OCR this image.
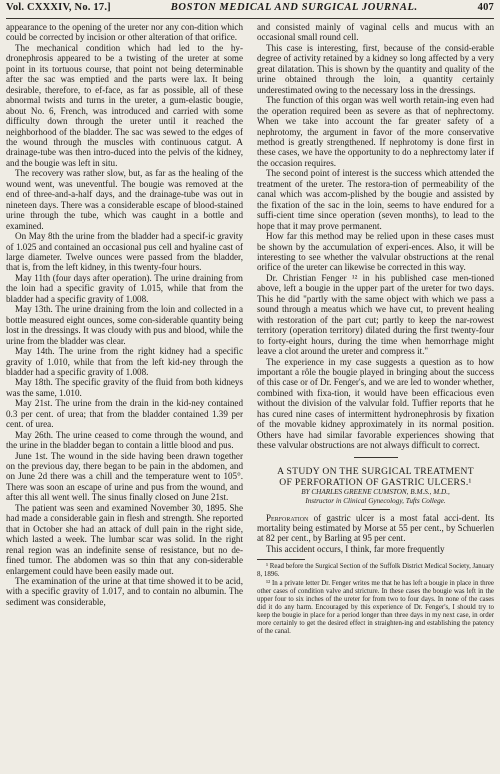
Vol. CXXXIV, No. 17.]	BOSTON MEDICAL AND SURGICAL JOURNAL.	407

appearance to the opening of the ureter nor any con-dition which could be corrected by incision or other alteration of that orifice.

The mechanical condition which had led to the hy-dronephrosis appeared to be a twisting of the ureter at some point in its tortuous course, that point not being determinable after the sac was emptied and the parts were lax. It being desirable, therefore, to ef-face, as far as possible, all of these abnormal twists and turns in the ureter, a gum-elastic bougie, about No. 6, French, was introduced and carried with some difficulty down through the ureter until it reached the neighborhood of the bladder. The sac was sewed to the edges of the wound through the muscles with continuous catgut. A drainage-tube was then intro-duced into the pelvis of the kidney, and the bougie was left in situ.

The recovery was rather slow, but, as far as the healing of the wound went, was uneventful. The bougie was removed at the end of three-and-a-half days, and the drainage-tube was out in nineteen days. There was a considerable escape of blood-stained urine through the tube, which was caught in a bottle and examined.

On May 8th the urine from the bladder had a specif-ic gravity of 1.025 and contained an occasional pus cell and hyaline cast of large diameter. Twelve ounces were passed from the bladder, that is, from the left kidney, in this twenty-four hours.

May 11th (four days after operation). The urine draining from the loin had a specific gravity of 1.015, while that from the bladder had a specific gravity of 1.008.

May 13th. The urine draining from the loin and collected in a bottle measured eight ounces, some con-siderable quantity being lost in the dressings. It was cloudy with pus and blood, while the urine from the bladder was clear.

May 14th. The urine from the right kidney had a specific gravity of 1.010, while that from the left kid-ney through the bladder had a specific gravity of 1.008.

May 18th. The specific gravity of the fluid from both kidneys was the same, 1.010.

May 21st. The urine from the drain in the kid-ney contained 0.3 per cent. of urea; that from the bladder contained 1.39 per cent. of urea.

May 26th. The urine ceased to come through the wound, and the urine in the bladder began to contain a little blood and pus.

June 1st. The wound in the side having been drawn together on the previous day, there began to be pain in the abdomen, and on June 2d there was a chill and the temperature went to 105°. There was soon an escape of urine and pus from the wound, and after this all went well. The sinus finally closed on June 21st.

The patient was seen and examined November 30, 1895. She had made a considerable gain in flesh and strength. She reported that in October she had an attack of dull pain in the right side, which lasted a week. The lumbar scar was solid. In the right renal region was an indefinite sense of resistance, but no de-fined tumor. The abdomen was so thin that any con-siderable enlargement could have been easily made out.

The examination of the urine at that time showed it to be acid, with a specific gravity of 1.017, and to contain no albumin. The sediment was considerable,

and consisted mainly of vaginal cells and mucus with an occasional small round cell.

This case is interesting, first, because of the consid-erable degree of activity retained by a kidney so long affected by a very great dilatation. This is shown by the quantity and quality of the urine obtained through the loin, a quantity certainly underestimated owing to the necessary loss in the dressings.

The function of this organ was well worth retain-ing even had the operation required been as severe as that of nephrectomy. When we take into account the far greater safety of a nephrotomy, the argument in favor of the more conservative method is greatly strengthened. If nephrotomy is done first in these cases, we have the opportunity to do a nephrectomy later if the occasion requires.

The second point of interest is the success which attended the treatment of the ureter. The restora-tion of permeability of the canal which was accom-plished by the bougie and assisted by the fixation of the sac in the loin, seems to have endured for a suffi-cient time since operation (seven months), to lead to the hope that it may prove permanent.

How far this method may be relied upon in these cases must be shown by the accumulation of experi-ences. Also, it will be interesting to see whether the valvular obstructions at the renal orifice of the ureter can likewise be corrected in this way.

Dr. Christian Fenger ¹² in his published case men-tioned above, left a bougie in the upper part of the ureter for two days. This he did "partly with the same object with which we pass a sound through a meatus which we have cut, to prevent healing with restoration of the part cut; partly to keep the nar-rowest territory (operation territory) dilated during the first twenty-four to forty-eight hours, during the time when hemorrhage might leave a clot around the ureter and compress it."

The experience in my case suggests a question as to how important a rôle the bougie played in bringing about the success of this case or of Dr. Fenger's, and we are led to wonder whether, combined with fixa-tion, it would have been efficacious even without the division of the valvular fold. Tuffier reports that he has cured nine cases of intermittent hydronephrosis by fixation of the movable kidney approximately in its normal position. Others have had similar favorable experiences showing that these valvular obstructions are not always difficult to correct.

A STUDY ON THE SURGICAL TREATMENT
OF PERFORATION OF GASTRIC ULCERS.¹
BY CHARLES GREENE CUMSTON, B.M.S., M.D.,
Instructor in Clinical Gynecology, Tufts College.

Perforation of gastric ulcer is a most fatal acci-dent. Its mortality being estimated by Morse at 55 per cent., by Schuerlen at 82 per cent., by Barling at 95 per cent.

This accident occurs, I think, far more frequently

¹ Read before the Surgical Section of the Suffolk District Medical Society, January 8, 1896.

¹² In a private letter Dr. Fenger writes me that he has left a bougie in place in three other cases of condition valve and stricture. In these cases the bougie was left in the upper four to six inches of the ureter for from two to four days. In none of the cases did it do any harm. Encouraged by this experience of Dr. Fenger's, I should try to keep the bougie in place for a period longer than three days in my next case, in order more certainly to get the desired effect in straighten-ing and establishing the patency of the canal.
